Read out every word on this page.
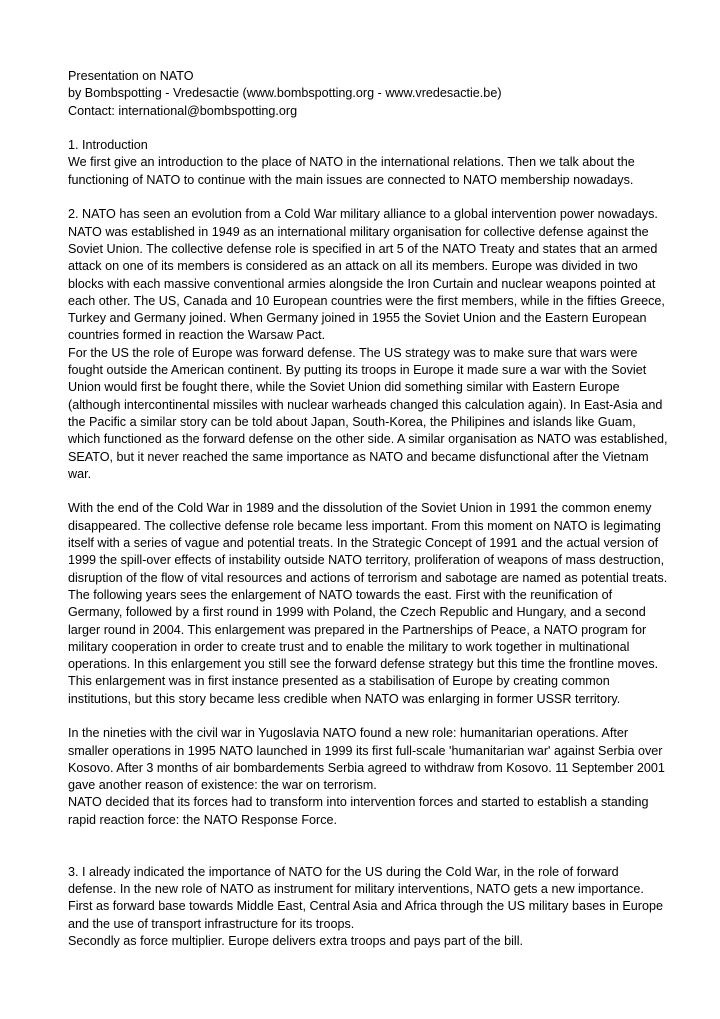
Presentation on NATO

by Bombspotting - Vredesactie (www.bombspotting.org - www.vredesactie.be)

Contact: international@bombspotting.org

1. Introduction

We first give an introduction to the place of NATO in the international relations. Then we talk about the functioning of NATO to continue with the main issues are connected to NATO membership nowadays.

2. NATO has seen an evolution from a Cold War military alliance to a global intervention power nowadays. NATO was established in 1949 as an international military organisation for collective defense against the Soviet Union. The collective defense role is specified in art 5 of the NATO Treaty and states that an armed attack on one of its members is considered as an attack on all its members. Europe was divided in two blocks with each massive conventional armies alongside the Iron Curtain and nuclear weapons pointed at each other. The US, Canada and 10 European countries were the first members, while in the fifties Greece, Turkey and Germany joined. When Germany joined in 1955 the Soviet Union and the Eastern European countries formed in reaction the Warsaw Pact.

For the US the role of Europe was forward defense. The US strategy was to make sure that wars were fought outside the American continent. By putting its troops in Europe it made sure a war with the Soviet Union would first be fought there, while the Soviet Union did something similar with Eastern Europe (although intercontinental missiles with nuclear warheads changed this calculation again). In East-Asia and the Pacific a similar story can be told about Japan, South-Korea, the Philipines and islands like Guam, which functioned as the forward defense on the other side. A similar organisation as NATO was established, SEATO, but it never reached the same importance as NATO and became disfunctional after the Vietnam war.

With the end of the Cold War in 1989 and the dissolution of the Soviet Union in 1991 the common enemy disappeared. The collective defense role became less important. From this moment on NATO is legimating itself with a series of vague and potential treats. In the Strategic Concept of 1991 and the actual version of 1999 the spill-over effects of instability outside NATO territory, proliferation of weapons of mass destruction, disruption of the flow of vital resources and actions of terrorism and sabotage are named as potential treats.

The following years sees the enlargement of NATO towards the east. First with the reunification of Germany, followed by a first round in 1999 with Poland, the Czech Republic and Hungary, and a second larger round in 2004. This enlargement was prepared in the Partnerships of Peace, a NATO program for military cooperation in order to create trust and to enable the military to work together in multinational operations. In this enlargement you still see the forward defense strategy but this time the frontline moves. This enlargement was in first instance presented as a stabilisation of Europe by creating common institutions, but this story became less credible when NATO was enlarging in former USSR territory.

In the nineties with the civil war in Yugoslavia NATO found a new role: humanitarian operations. After smaller operations in 1995 NATO launched in 1999 its first full-scale 'humanitarian war' against Serbia over Kosovo. After 3 months of air bombardements Serbia agreed to withdraw from Kosovo. 11 September 2001 gave another reason of existence: the war on terrorism.

NATO decided that its forces had to transform into intervention forces and started to establish a standing rapid reaction force: the NATO Response Force.

3. I already indicated the importance of NATO for the US during the Cold War, in the role of forward defense. In the new role of NATO as instrument for military interventions, NATO gets a new importance.

First as forward base towards Middle East, Central Asia and Africa through the US military bases in Europe and the use of transport infrastructure for its troops.

Secondly as force multiplier. Europe delivers extra troops and pays part of the bill.
